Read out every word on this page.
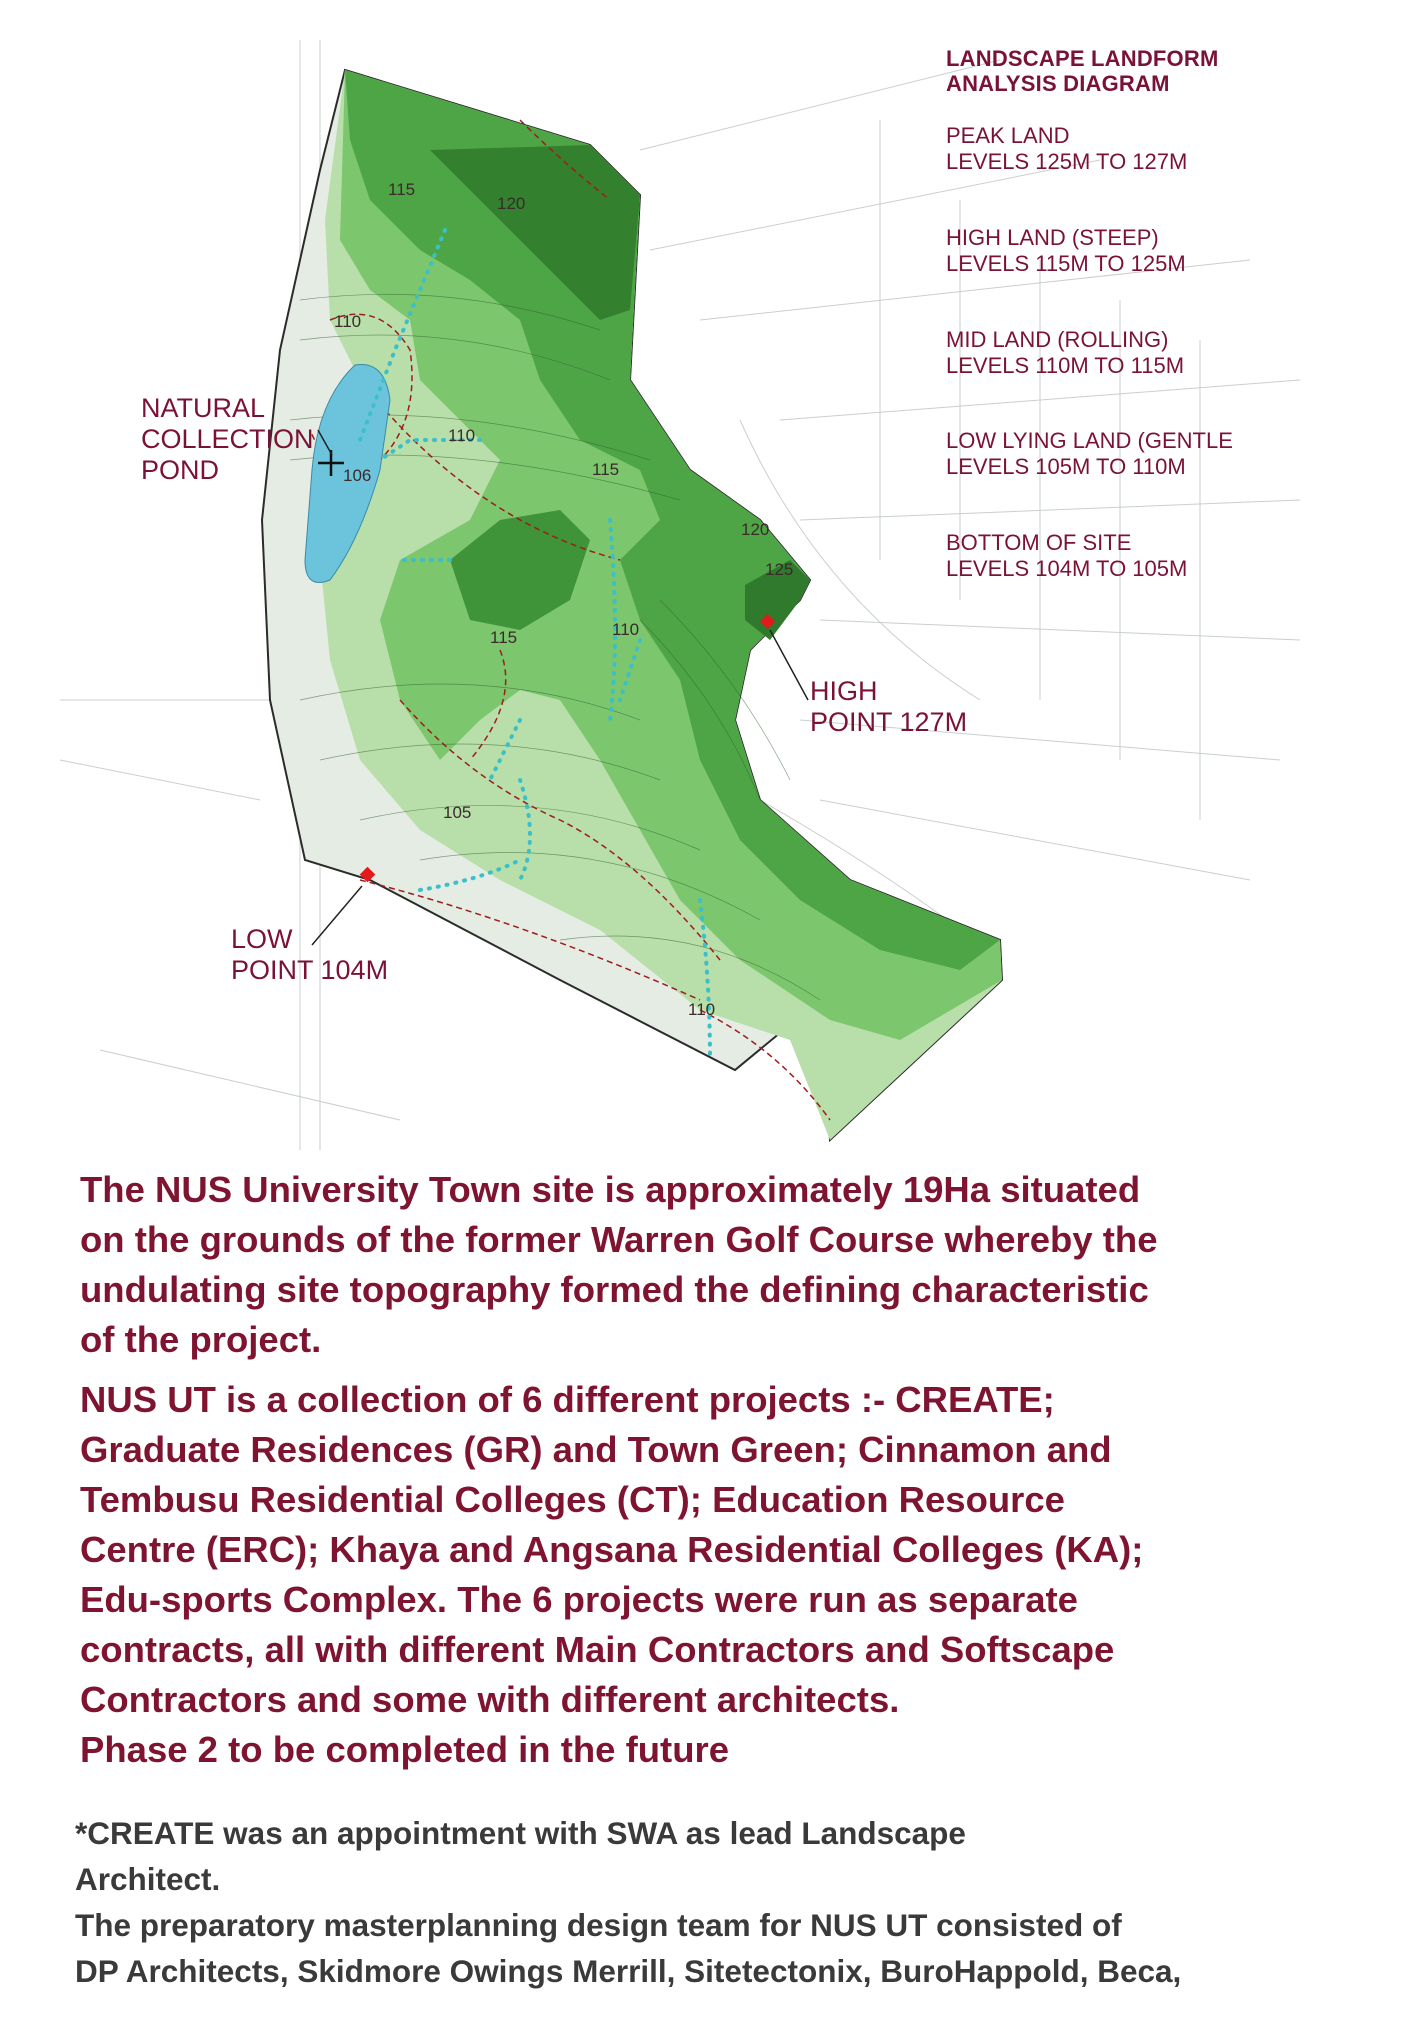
115
120
110
110
106	115
120
125
115	110
105
110
NATURAL
COLLECTION
POND
HIGH
POINT 127M
LOW
POINT 104M
LANDSCAPE LANDFORM
ANALYSIS DIAGRAM
PEAK LAND
LEVELS 125M TO 127M
HIGH LAND (STEEP)
LEVELS 115M TO 125M
MID LAND (ROLLING)
LEVELS 110M TO 115M
LOW LYING LAND (GENTLE
LEVELS 105M TO 110M
BOTTOM OF SITE
LEVELS 104M TO 105M
The NUS University Town site is approximately 19Ha situated
on the grounds of the former Warren Golf Course whereby the
undulating site topography formed the defining characteristic
of the project.
NUS UT is a collection of 6 different projects :- CREATE;
Graduate Residences (GR) and Town Green; Cinnamon and
Tembusu Residential Colleges (CT); Education Resource
Centre (ERC); Khaya and Angsana Residential Colleges (KA);
Edu-sports Complex. The 6 projects were run as separate
contracts, all with different Main Contractors and Softscape
Contractors and some with different architects.
Phase 2 to be completed in the future
*CREATE was an appointment with SWA as lead Landscape
Architect.
The preparatory masterplanning design team for NUS UT consisted of
DP Architects, Skidmore Owings Merrill, Sitetectonix, BuroHappold, Beca,
